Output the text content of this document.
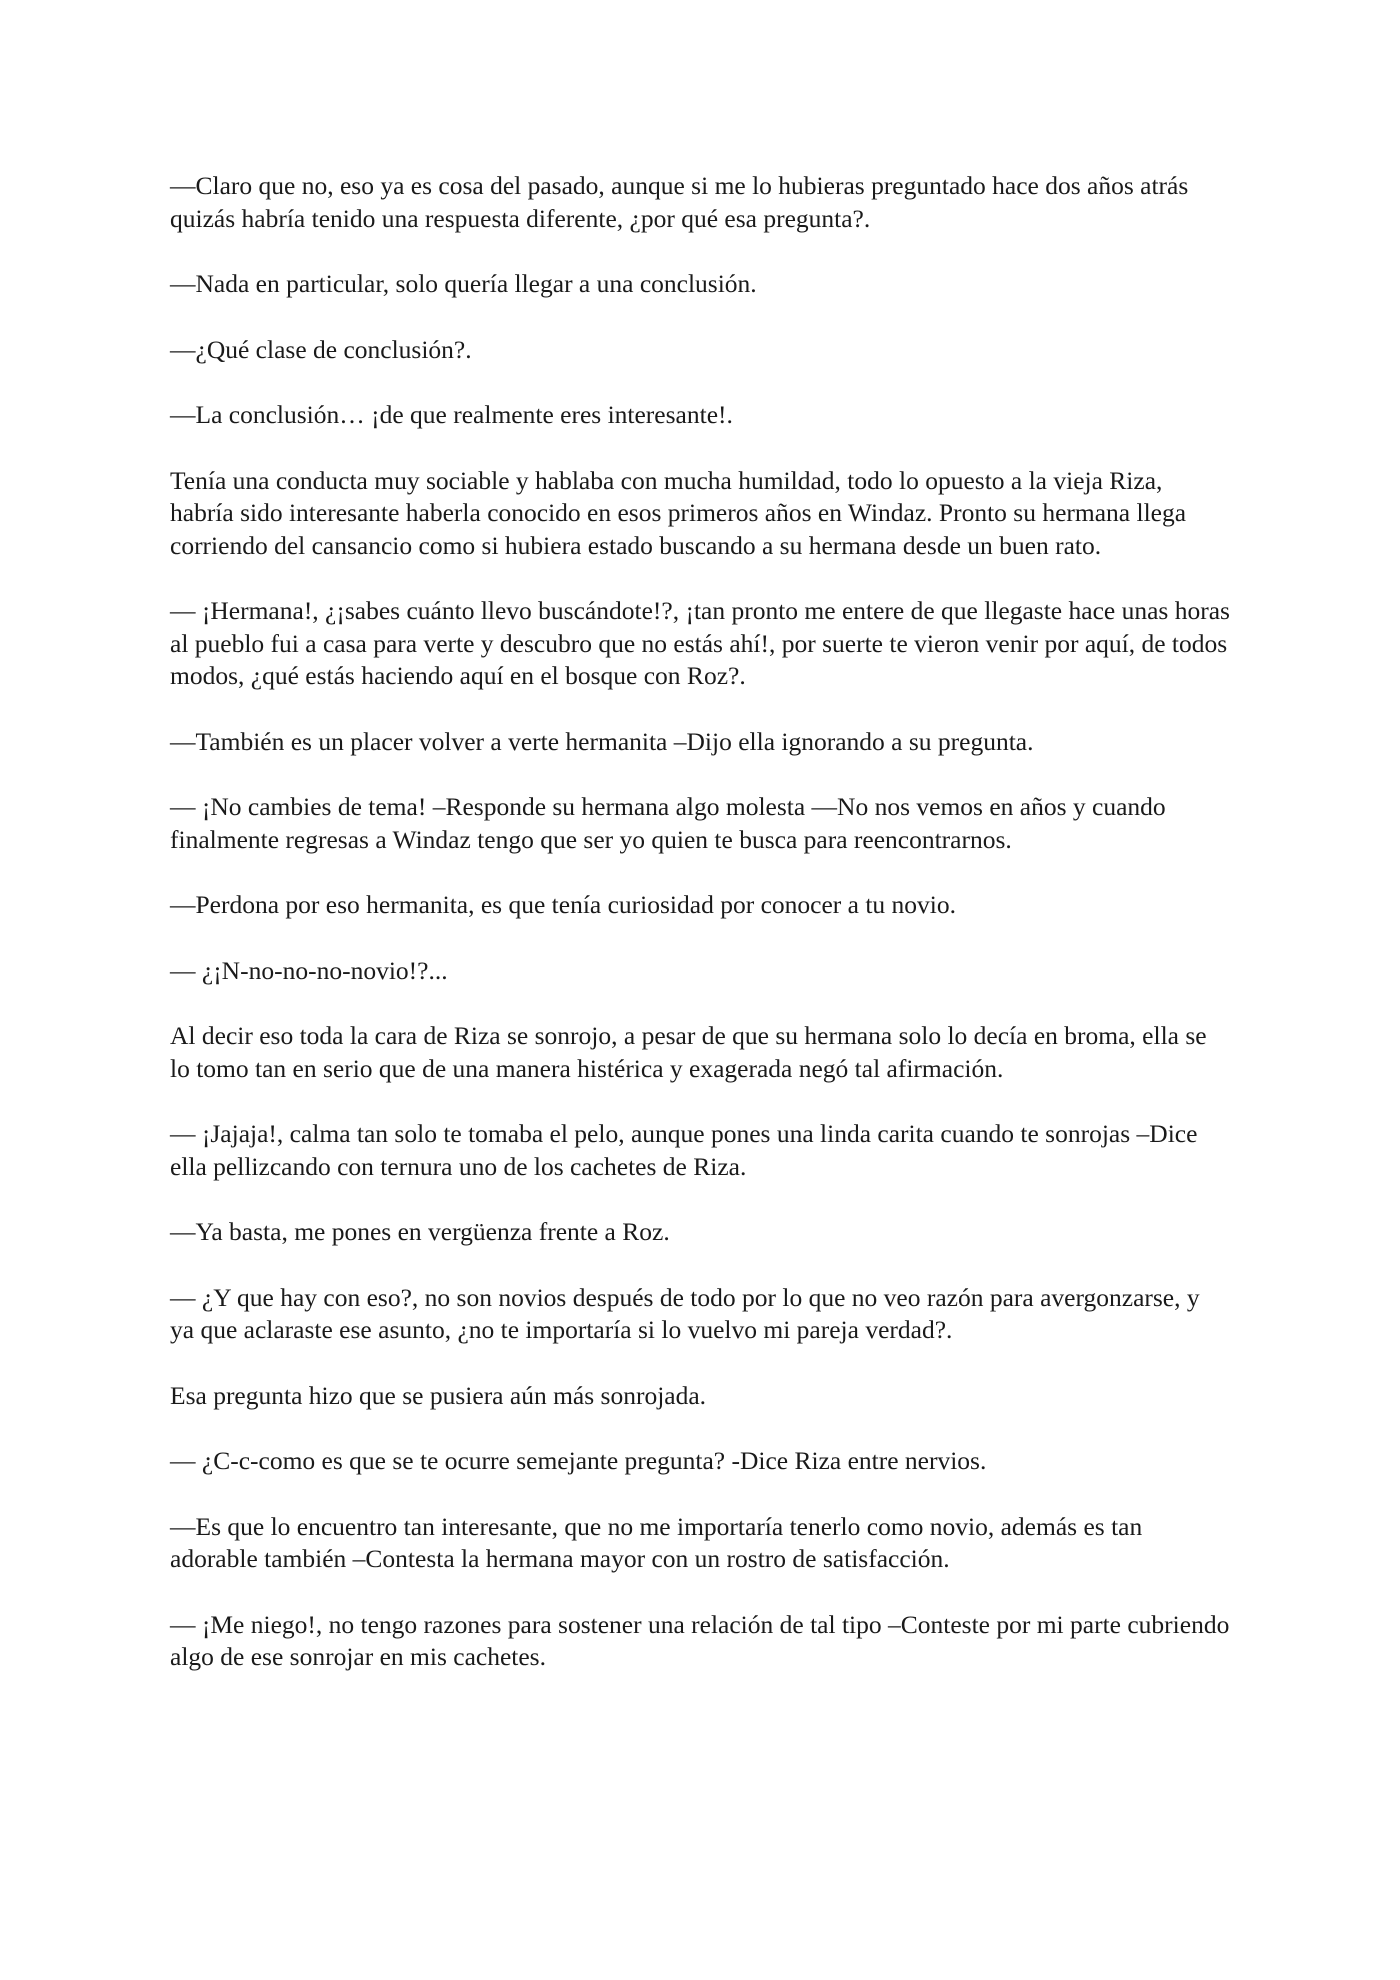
—Claro que no, eso ya es cosa del pasado, aunque si me lo hubieras preguntado hace dos años atrás quizás habría tenido una respuesta diferente, ¿por qué esa pregunta?.

—Nada en particular, solo quería llegar a una conclusión.

—¿Qué clase de conclusión?.

—La conclusión… ¡de que realmente eres interesante!.

Tenía una conducta muy sociable y hablaba con mucha humildad, todo lo opuesto a la vieja Riza, habría sido interesante haberla conocido en esos primeros años en Windaz. Pronto su hermana llega corriendo del cansancio como si hubiera estado buscando a su hermana desde un buen rato.

— ¡Hermana!, ¿¡sabes cuánto llevo buscándote!?, ¡tan pronto me entere de que llegaste hace unas horas al pueblo fui a casa para verte y descubro que no estás ahí!, por suerte te vieron venir por aquí, de todos modos, ¿qué estás haciendo aquí en el bosque con Roz?.

—También es un placer volver a verte hermanita –Dijo ella ignorando a su pregunta.

— ¡No cambies de tema! –Responde su hermana algo molesta —No nos vemos en años y cuando finalmente regresas a Windaz tengo que ser yo quien te busca para reencontrarnos.

—Perdona por eso hermanita, es que tenía curiosidad por conocer a tu novio.

— ¿¡N-no-no-no-novio!?...

Al decir eso toda la cara de Riza se sonrojo, a pesar de que su hermana solo lo decía en broma, ella se lo tomo tan en serio que de una manera histérica y exagerada negó tal afirmación.

— ¡Jajaja!, calma tan solo te tomaba el pelo, aunque pones una linda carita cuando te sonrojas –Dice ella pellizcando con ternura uno de los cachetes de Riza.

—Ya basta, me pones en vergüenza frente a Roz.

— ¿Y que hay con eso?, no son novios después de todo por lo que no veo razón para avergonzarse, y ya que aclaraste ese asunto, ¿no te importaría si lo vuelvo mi pareja verdad?.

Esa pregunta hizo que se pusiera aún más sonrojada.

— ¿C-c-como es que se te ocurre semejante pregunta? -Dice Riza entre nervios.

—Es que lo encuentro tan interesante, que no me importaría tenerlo como novio, además es tan adorable también –Contesta la hermana mayor con un rostro de satisfacción.

— ¡Me niego!, no tengo razones para sostener una relación de tal tipo –Conteste por mi parte cubriendo algo de ese sonrojar en mis cachetes.
